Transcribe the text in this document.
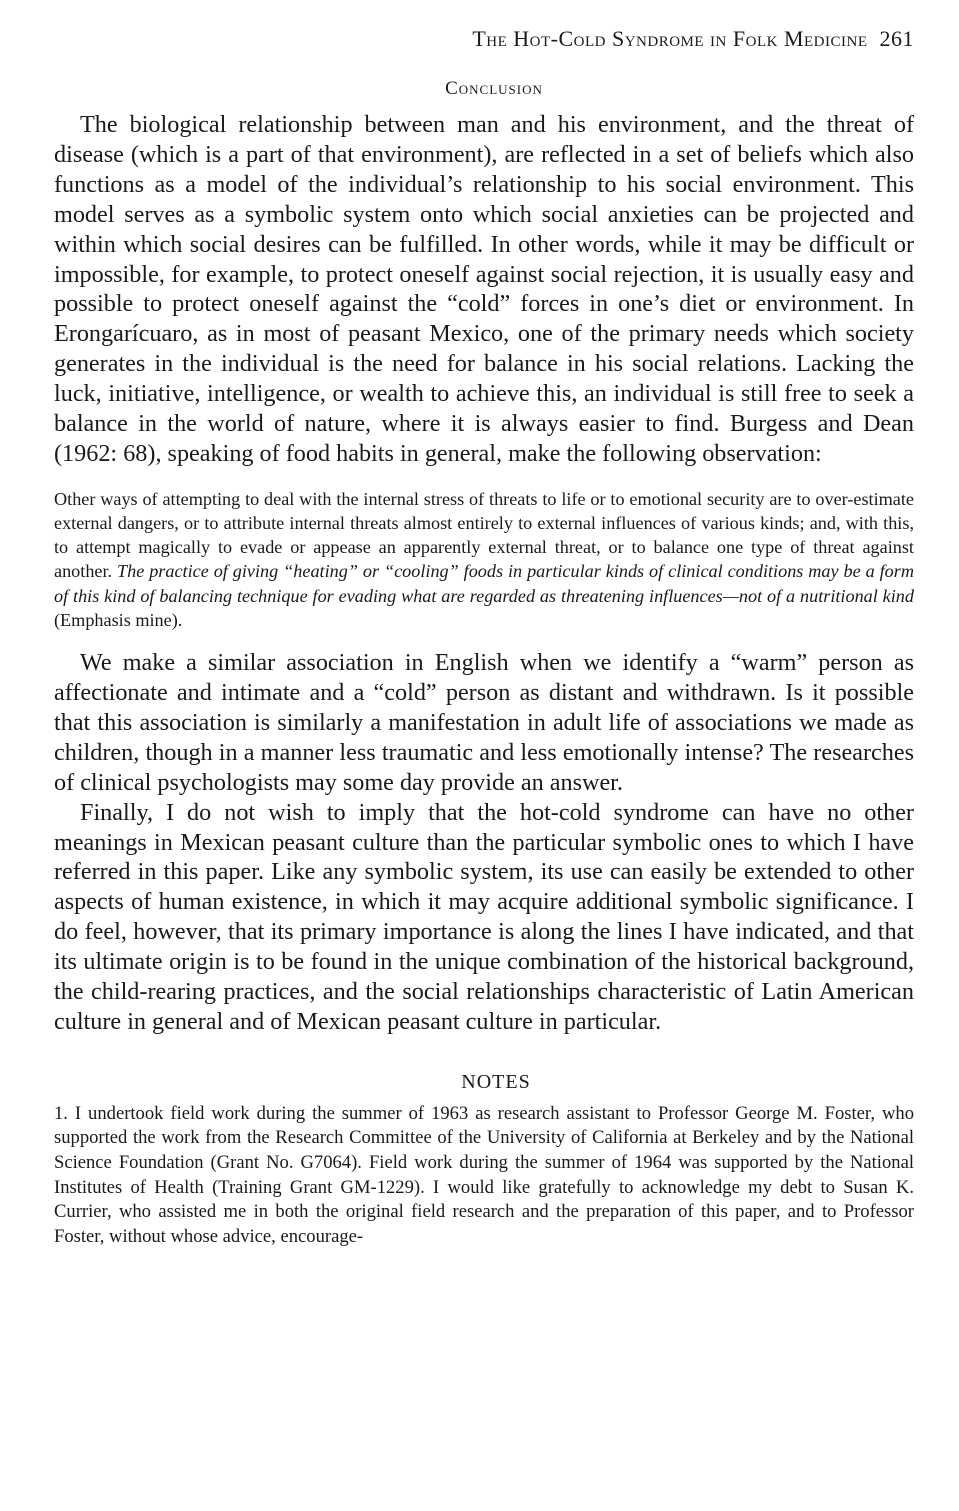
The Hot-Cold Syndrome in Folk Medicine 261
Conclusion

The biological relationship between man and his environment, and the threat of disease (which is a part of that environment), are reflected in a set of beliefs which also functions as a model of the individual’s relationship to his social environment. This model serves as a symbolic system onto which social anxieties can be projected and within which social desires can be fulfilled. In other words, while it may be difficult or impossible, for example, to protect oneself against social rejection, it is usually easy and possible to protect oneself against the “cold” forces in one’s diet or environment. In Erongarícuaro, as in most of peasant Mexico, one of the primary needs which society generates in the individual is the need for balance in his social relations. Lacking the luck, initiative, intelligence, or wealth to achieve this, an individual is still free to seek a balance in the world of nature, where it is always easier to find. Burgess and Dean (1962: 68), speaking of food habits in general, make the following observation:

Other ways of attempting to deal with the internal stress of threats to life or to emotional security are to over-estimate external dangers, or to attribute internal threats almost entirely to external influences of various kinds; and, with this, to attempt magically to evade or appease an apparently external threat, or to balance one type of threat against another. The practice of giving “heating” or “cooling” foods in particular kinds of clinical conditions may be a form of this kind of balancing technique for evading what are regarded as threatening influences—not of a nutritional kind (Emphasis mine).

We make a similar association in English when we identify a “warm” person as affectionate and intimate and a “cold” person as distant and withdrawn. Is it possible that this association is similarly a manifestation in adult life of associations we made as children, though in a manner less traumatic and less emotionally intense? The researches of clinical psychologists may some day provide an answer.

Finally, I do not wish to imply that the hot-cold syndrome can have no other meanings in Mexican peasant culture than the particular symbolic ones to which I have referred in this paper. Like any symbolic system, its use can easily be extended to other aspects of human existence, in which it may acquire additional symbolic significance. I do feel, however, that its primary importance is along the lines I have indicated, and that its ultimate origin is to be found in the unique combination of the historical background, the child-rearing practices, and the social relationships characteristic of Latin American culture in general and of Mexican peasant culture in particular.

NOTES

1. I undertook field work during the summer of 1963 as research assistant to Professor George M. Foster, who supported the work from the Research Committee of the University of California at Berkeley and by the National Science Foundation (Grant No. G7064). Field work during the summer of 1964 was supported by the National Institutes of Health (Training Grant GM-1229). I would like gratefully to acknowledge my debt to Susan K. Currier, who assisted me in both the original field research and the preparation of this paper, and to Professor Foster, without whose advice, encourage-
